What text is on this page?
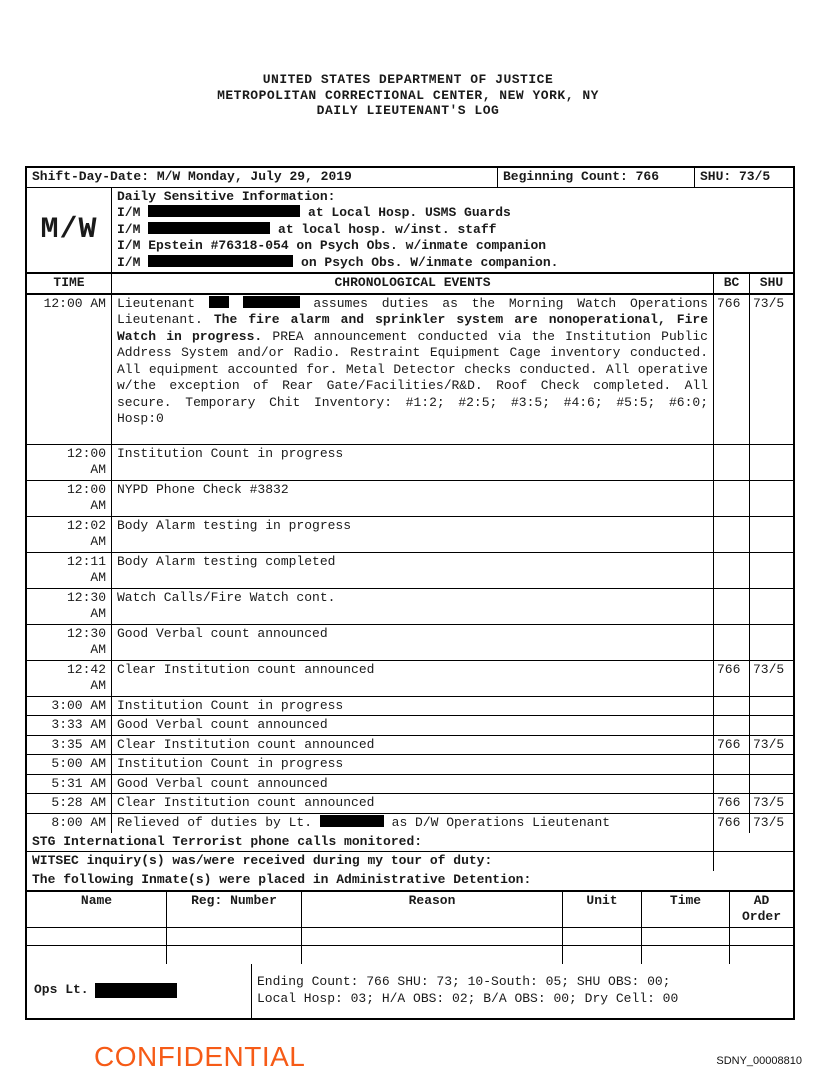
UNITED STATES DEPARTMENT OF JUSTICE
METROPOLITAN CORRECTIONAL CENTER, NEW YORK, NY
DAILY LIEUTENANT'S LOG
Shift-Day-Date: M/W Monday, July 29, 2019	Beginning Count: 766	SHU: 73/5
M/W
Daily Sensitive Information:
I/M	at Local Hosp. USMS Guards
I/M	at local hosp. w/inst. staff
I/M Epstein #76318-054 on Psych Obs. w/inmate companion
I/M	on Psych Obs. W/inmate companion.
TIME	CHRONOLOGICAL EVENTS	BC	SHU
12:00 AM Lieutenant	assumes duties as the Morning Watch Operations Lieutenant. The fire alarm and sprinkler system are nonoperational, Fire Watch in progress. PREA announcement conducted via the Institution Public Address System and/or Radio. Restraint Equipment Cage inventory conducted. All equipment accounted for. Metal Detector checks conducted. All operative w/the exception of Rear Gate/Facilities/R&D. Roof Check completed. All secure. Temporary Chit Inventory: #1:2; #2:5; #3:5; #4:6; #5:5; #6:0; Hosp:0
766 73/5
12:00
AM
Institution Count in progress
12:00
AM
NYPD Phone Check #3832
12:02
AM
Body Alarm testing in progress
12:11
AM
Body Alarm testing completed
12:30
AM
Watch Calls/Fire Watch cont.
12:30
AM
Good Verbal count announced
12:42
AM
Clear Institution count announced	766 73/5
3:00 AM Institution Count in progress
3:33 AM Good Verbal count announced
3:35 AM Clear Institution count announced	766 73/5
5:00 AM Institution Count in progress
5:31 AM Good Verbal count announced
5:28 AM Clear Institution count announced	766 73/5
8:00 AM Relieved of duties by Lt.	as D/W Operations Lieutenant	766 73/5
STG International Terrorist phone calls monitored:
WITSEC inquiry(s) was/were received during my tour of duty:
The following Inmate(s) were placed in Administrative Detention:
Name	Reg: Number	Reason	Unit	Time	AD Order
Ops Lt.
Ending Count: 766 SHU: 73; 10-South: 05; SHU OBS: 00;
Local Hosp: 03; H/A OBS: 02; B/A OBS: 00; Dry Cell: 00
CONFIDENTIAL	SDNY_00008810
